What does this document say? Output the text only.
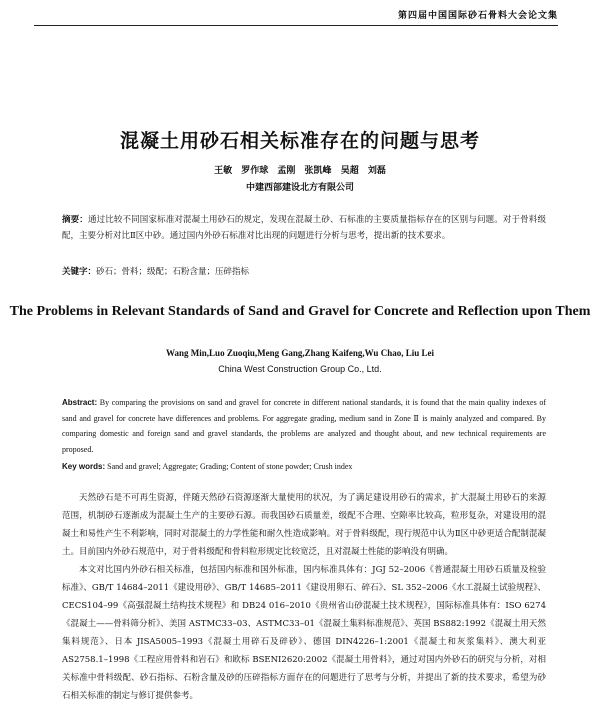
第四届中国国际砂石骨料大会论文集
混凝土用砂石相关标准存在的问题与思考
王敏 罗作球 孟刚 张凯峰 吴超 刘磊
中建西部建设北方有限公司
摘要：通过比较不同国家标准对混凝土用砂石的规定，发现在混凝土砂、石标准的主要质量指标存在的区别与问题。对于骨料级配，主要分析对比Ⅱ区中砂。通过国内外砂石标准对比出现的问题进行分析与思考，提出新的技术要求。
关键字：砂石；骨料；级配；石粉含量；压碎指标
The Problems in Relevant Standards of Sand and Gravel for Concrete and Reflection upon Them
Wang Min,Luo Zuoqiu,Meng Gang,Zhang Kaifeng,Wu Chao, Liu Lei
China West Construction Group Co., Ltd.
Abstract: By comparing the provisions on sand and gravel for concrete in different national standards, it is found that the main quality indexes of sand and gravel for concrete have differences and problems. For aggregate grading, medium sand in Zone Ⅱ is mainly analyzed and compared. By comparing domestic and foreign sand and gravel standards, the problems are analyzed and thought about, and new technical requirements are proposed.
Key words: Sand and gravel; Aggregate; Grading; Content of stone powder; Crush index

天然砂石是不可再生资源，伴随天然砂石资源逐渐大量使用的状况，为了满足建设用砂石的需求，扩大混凝土用砂石的来源范围，机制砂石逐渐成为混凝土生产的主要砂石源。而我国砂石质量差，级配不合理、空隙率比较高，粒形复杂，对建设用的混凝土和易性产生不利影响，同时对混凝土的力学性能和耐久性造成影响。对于骨料级配，现行规范中认为Ⅱ区中砂更适合配制混凝土。目前国内外砂石规范中，对于骨料级配和骨料粒形规定比较宽泛，且对混凝土性能的影响没有明确。

本文对比国内外砂石相关标准，包括国内标准和国外标准，国内标准具体有：JGJ 52–2006《普通混凝土用砂石质量及检验标准》、GB/T 14684–2011《建设用砂》、GB/T 14685–2011《建设用卵石、碎石》、SL 352–2006《水工混凝土试验规程》、CECS104–99《高强混凝土结构技术规程》和 DB24 016–2010《贵州省山砂混凝土技术规程》，国际标准具体有：ISO 6274《混凝土——骨料筛分析》、美国 ASTMC33–03、ASTMC33–01《混凝土集料标准规范》、英国 BS882:1992《混凝土用天然集料规范》、日本 JISA5005–1993《混凝土用碎石及碎砂》、德国 DIN4226–1:2001《混凝土和灰浆集料》、澳大利亚 AS2758.1–1998《工程应用骨料和岩石》和欧标 BSENI2620:2002《混凝土用骨料》，通过对国内外砂石的研究与分析，对相关标准中骨料级配、砂石指标、石粉含量及砂的压碎指标方面存在的问题进行了思考与分析，并提出了新的技术要求，希望为砂石相关标准的制定与修订提供参考。
